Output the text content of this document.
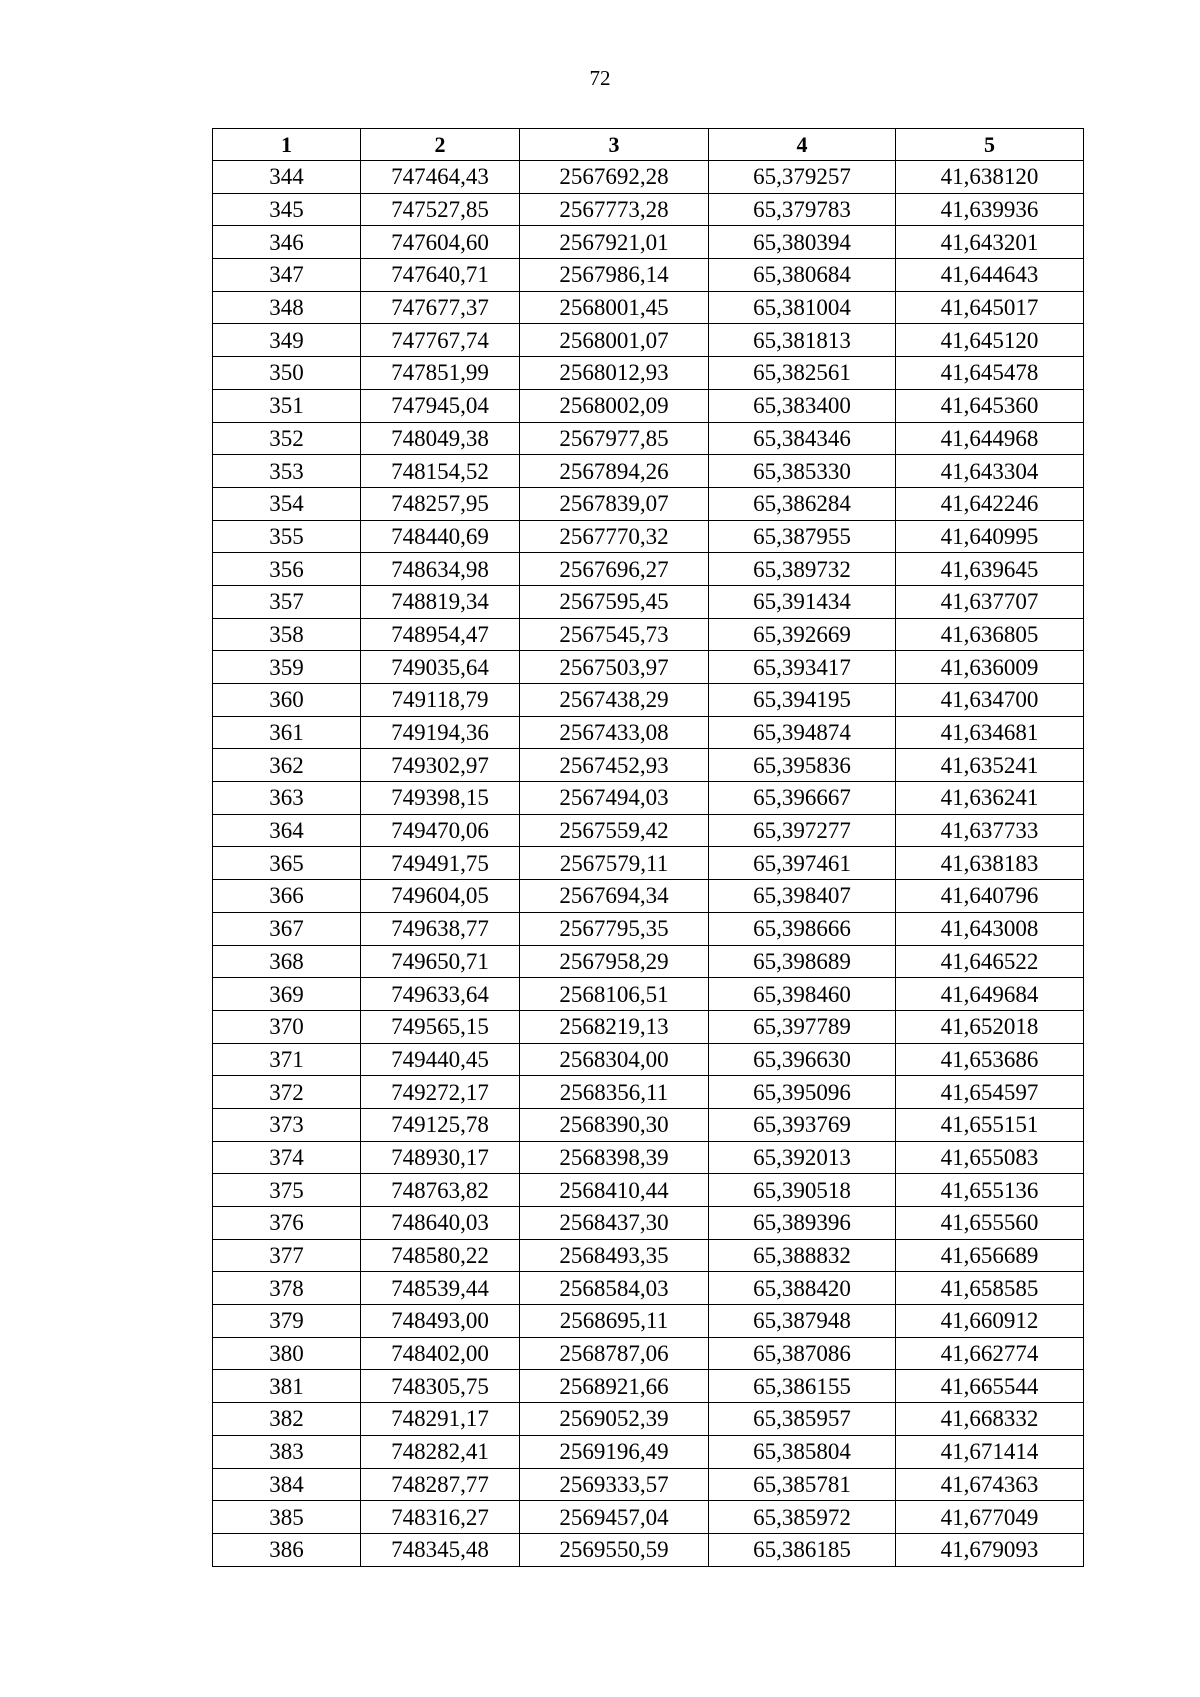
72
1	2	3	4	5
344	747464,43	2567692,28	65,379257	41,638120
345	747527,85	2567773,28	65,379783	41,639936
346	747604,60	2567921,01	65,380394	41,643201
347	747640,71	2567986,14	65,380684	41,644643
348	747677,37	2568001,45	65,381004	41,645017
349	747767,74	2568001,07	65,381813	41,645120
350	747851,99	2568012,93	65,382561	41,645478
351	747945,04	2568002,09	65,383400	41,645360
352	748049,38	2567977,85	65,384346	41,644968
353	748154,52	2567894,26	65,385330	41,643304
354	748257,95	2567839,07	65,386284	41,642246
355	748440,69	2567770,32	65,387955	41,640995
356	748634,98	2567696,27	65,389732	41,639645
357	748819,34	2567595,45	65,391434	41,637707
358	748954,47	2567545,73	65,392669	41,636805
359	749035,64	2567503,97	65,393417	41,636009
360	749118,79	2567438,29	65,394195	41,634700
361	749194,36	2567433,08	65,394874	41,634681
362	749302,97	2567452,93	65,395836	41,635241
363	749398,15	2567494,03	65,396667	41,636241
364	749470,06	2567559,42	65,397277	41,637733
365	749491,75	2567579,11	65,397461	41,638183
366	749604,05	2567694,34	65,398407	41,640796
367	749638,77	2567795,35	65,398666	41,643008
368	749650,71	2567958,29	65,398689	41,646522
369	749633,64	2568106,51	65,398460	41,649684
370	749565,15	2568219,13	65,397789	41,652018
371	749440,45	2568304,00	65,396630	41,653686
372	749272,17	2568356,11	65,395096	41,654597
373	749125,78	2568390,30	65,393769	41,655151
374	748930,17	2568398,39	65,392013	41,655083
375	748763,82	2568410,44	65,390518	41,655136
376	748640,03	2568437,30	65,389396	41,655560
377	748580,22	2568493,35	65,388832	41,656689
378	748539,44	2568584,03	65,388420	41,658585
379	748493,00	2568695,11	65,387948	41,660912
380	748402,00	2568787,06	65,387086	41,662774
381	748305,75	2568921,66	65,386155	41,665544
382	748291,17	2569052,39	65,385957	41,668332
383	748282,41	2569196,49	65,385804	41,671414
384	748287,77	2569333,57	65,385781	41,674363
385	748316,27	2569457,04	65,385972	41,677049
386	748345,48	2569550,59	65,386185	41,679093
